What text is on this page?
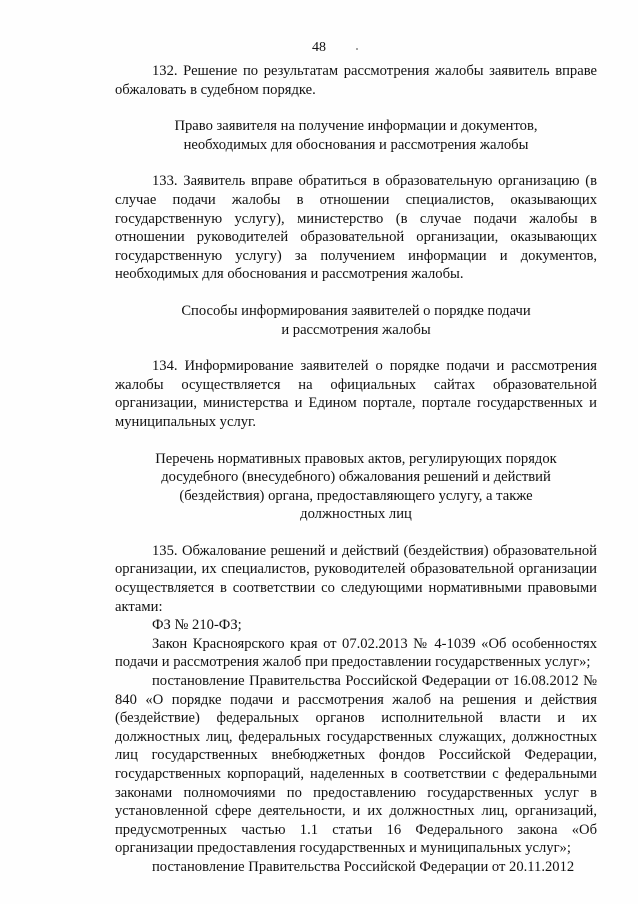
48

132. Решение по результатам рассмотрения жалобы заявитель вправе обжаловать в судебном порядке.

Право заявителя на получение информации и документов,
необходимых для обоснования и рассмотрения жалобы

133. Заявитель вправе обратиться в образовательную организацию (в случае подачи жалобы в отношении специалистов, оказывающих государственную услугу), министерство (в случае подачи жалобы в отношении руководителей образовательной организации, оказывающих государственную услугу) за получением информации и документов, необходимых для обоснования и рассмотрения жалобы.

Способы информирования заявителей о порядке подачи
и рассмотрения жалобы

134. Информирование заявителей о порядке подачи и рассмотрения жалобы осуществляется на официальных сайтах образовательной организации, министерства и Едином портале, портале государственных и муниципальных услуг.

Перечень нормативных правовых актов, регулирующих порядок
досудебного (внесудебного) обжалования решений и действий
(бездействия) органа, предоставляющего услугу, а также
должностных лиц

135. Обжалование решений и действий (бездействия) образовательной организации, их специалистов, руководителей образовательной организации осуществляется в соответствии со следующими нормативными правовыми актами:

ФЗ № 210-ФЗ;

Закон Красноярского края от 07.02.2013 № 4-1039 «Об особенностях подачи и рассмотрения жалоб при предоставлении государственных услуг»;

постановление Правительства Российской Федерации от 16.08.2012 № 840 «О порядке подачи и рассмотрения жалоб на решения и действия (бездействие) федеральных органов исполнительной власти и их должностных лиц, федеральных государственных служащих, должностных лиц государственных внебюджетных фондов Российской Федерации, государственных корпораций, наделенных в соответствии с федеральными законами полномочиями по предоставлению государственных услуг в установленной сфере деятельности, и их должностных лиц, организаций, предусмотренных частью 1.1 статьи 16 Федерального закона «Об организации предоставления государственных и муниципальных услуг»;

постановление Правительства Российской Федерации от 20.11.2012
